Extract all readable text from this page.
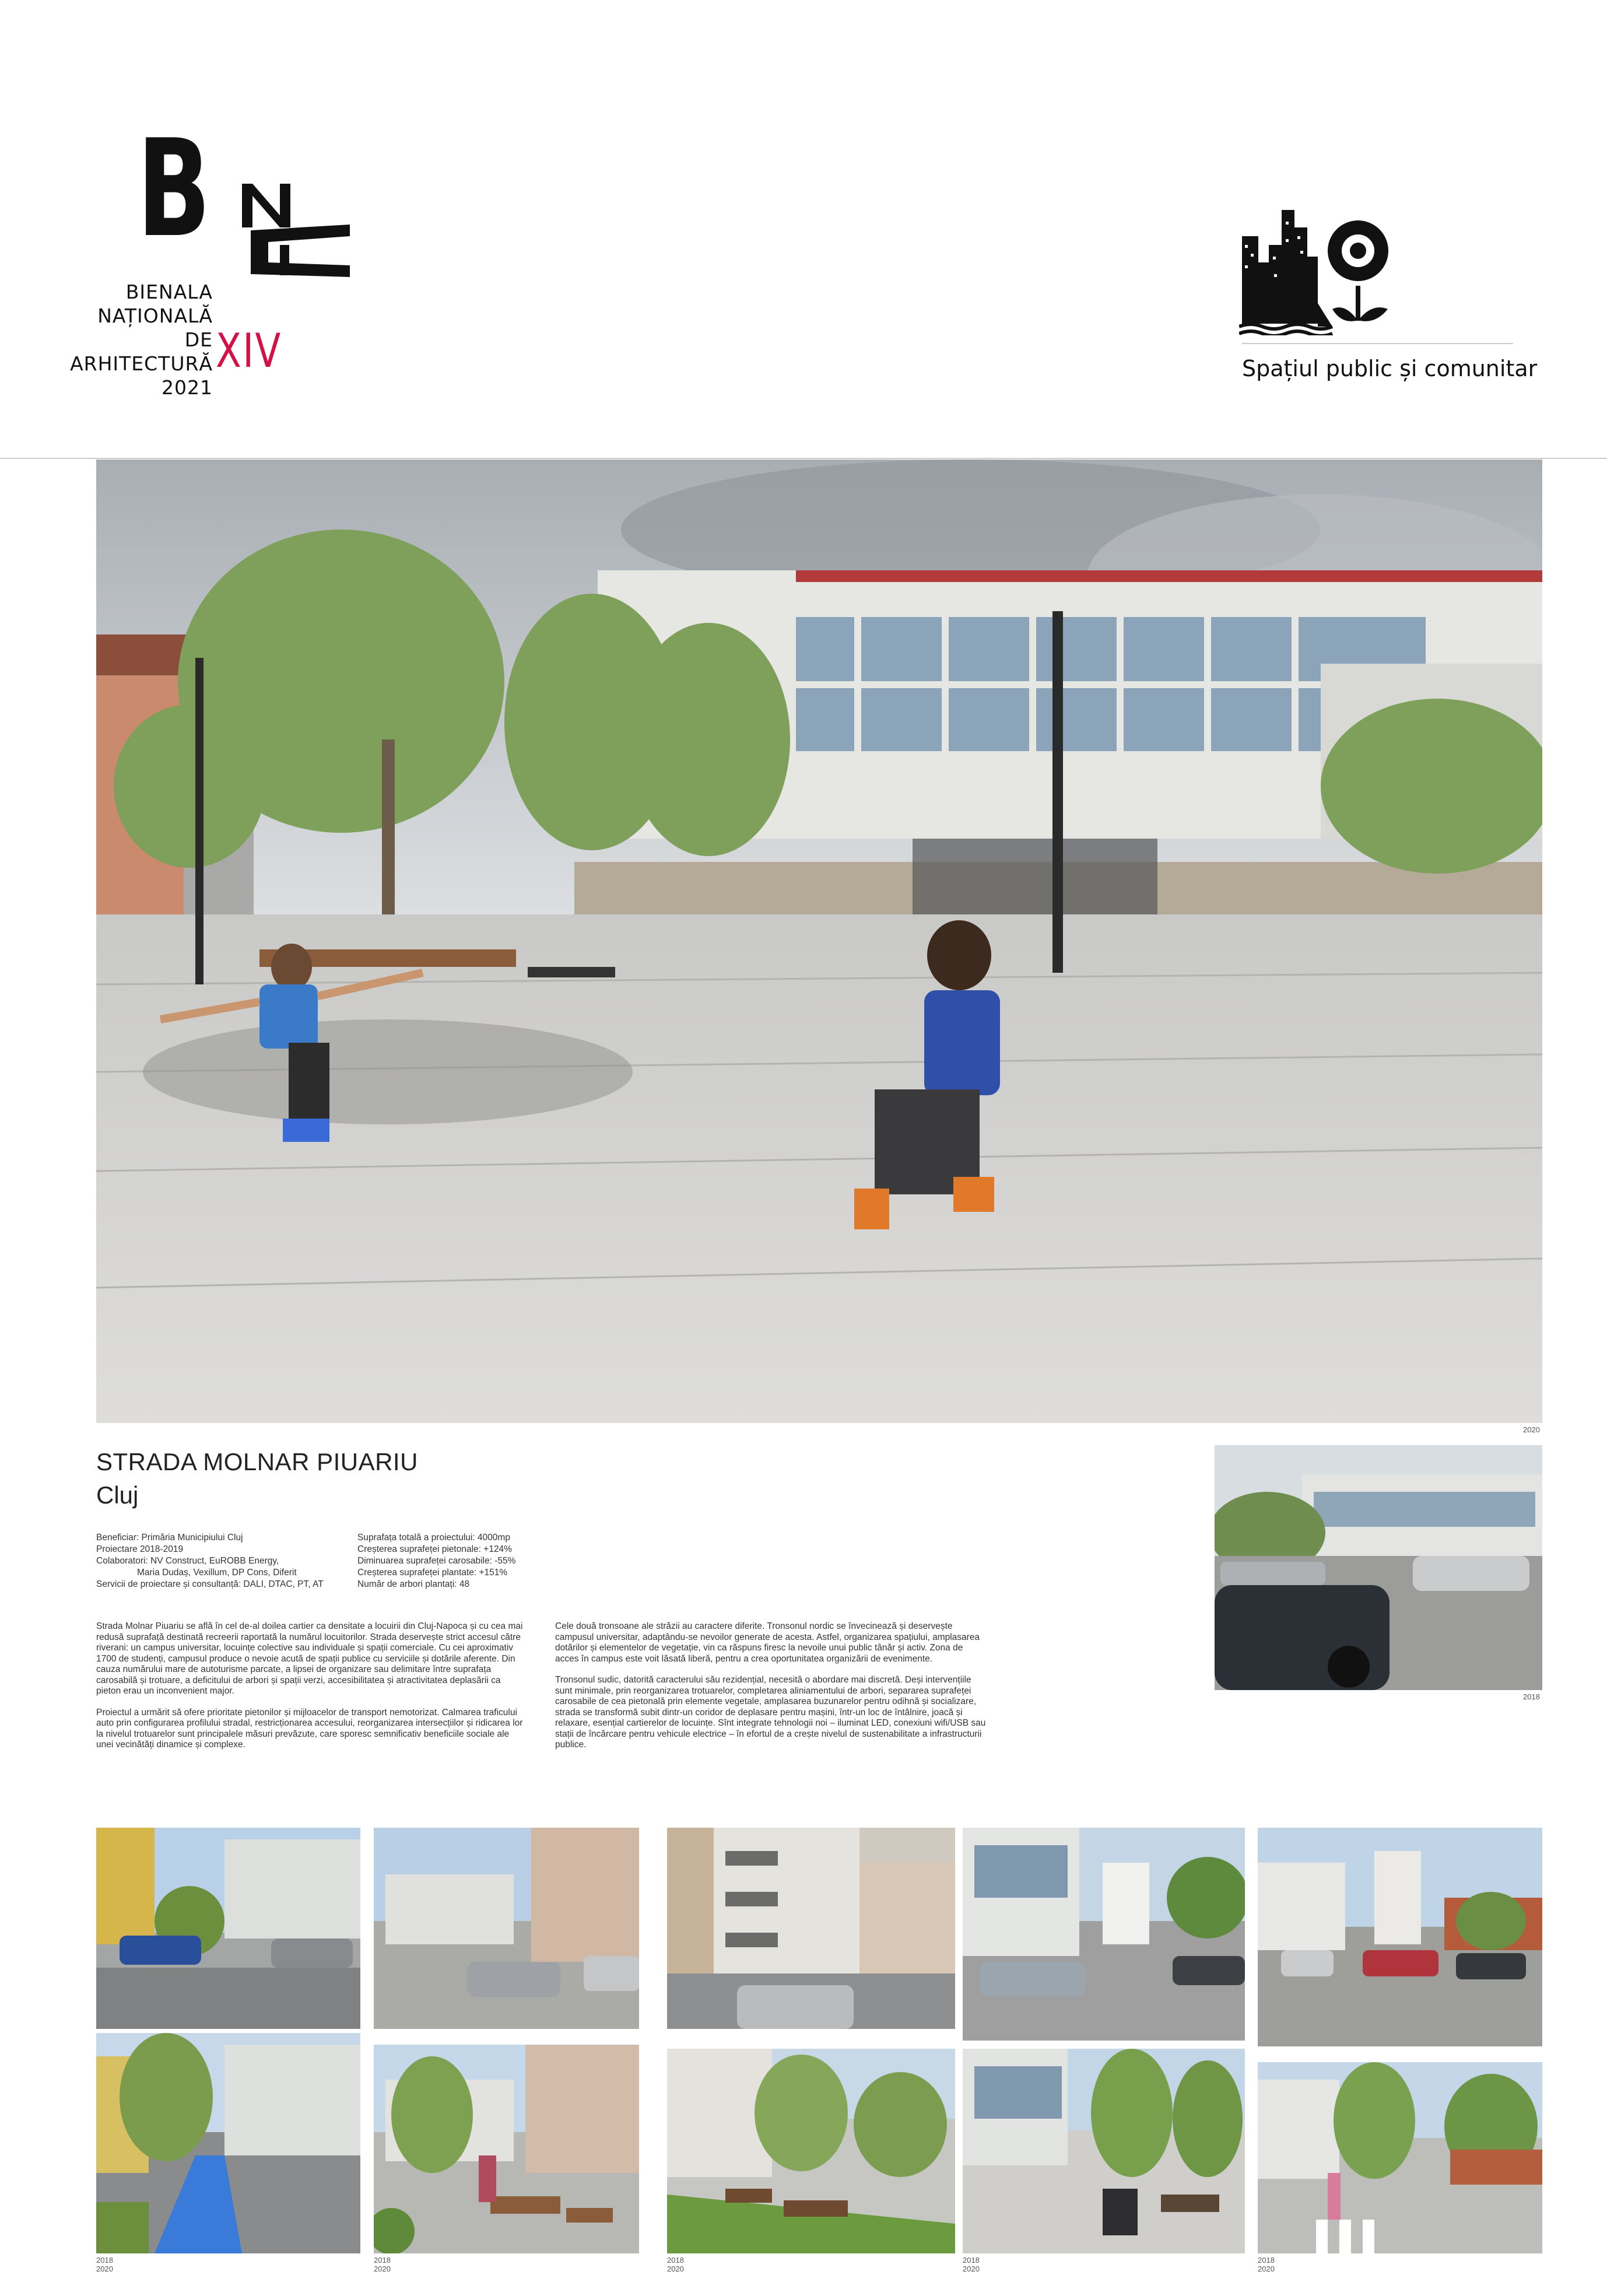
B
BIENALA
NAȚIONALĂ
DE
ARHITECTURĂ
2021
XIV	Spațiul public și comunitar
2020
2018
STRADA MOLNAR PIUARIU
Cluj
Beneficiar: Primăria Municipiului Cluj
Proiectare 2018-2019
Colaboratori: NV Construct, EuROBB Energy,
Maria Dudaș, Vexillum, DP Cons, Diferit
Servicii de proiectare și consultanță: DALI, DTAC, PT, AT
Suprafața totală a proiectului: 4000mp
Creșterea suprafeței pietonale: +124%
Diminuarea suprafeței carosabile: -55%
Creșterea suprafeței plantate: +151%
Număr de arbori plantați: 48

Strada Molnar Piuariu se află în cel de-al doilea cartier ca densitate a locuirii din Cluj-Napoca și cu cea mai redusă suprafață destinată recreerii raportată la numărul locuitorilor. Strada deservește strict accesul către riverani: un campus universitar, locuințe colective sau individuale și spații comerciale. Cu cei aproximativ 1700 de studenți, campusul produce o nevoie acută de spații publice cu serviciile și dotările aferente. Din cauza numărului mare de autoturisme parcate, a lipsei de organizare sau delimitare între suprafața carosabilă și trotuare, a deficitului de arbori și spații verzi, accesibilitatea și atractivitatea deplasării ca pieton erau un inconvenient major.

Proiectul a urmărit să ofere prioritate pietonilor și mijloacelor de transport nemotorizat. Calmarea traficului auto prin configurarea profilului stradal, restricționarea accesului, reorganizarea intersecțiilor și ridicarea lor la nivelul trotuarelor sunt principalele măsuri prevăzute, care sporesc semnificativ beneficiile sociale ale unei vecinătăți dinamice și complexe.

Cele două tronsoane ale străzii au caractere diferite. Tronsonul nordic se învecinează și deservește campusul universitar, adaptându-se nevoilor generate de acesta. Astfel, organizarea spațiului, amplasarea dotărilor și elementelor de vegetație, vin ca răspuns firesc la nevoile unui public tânăr și activ. Zona de acces în campus este voit lăsată liberă, pentru a crea oportunitatea organizării de evenimente.

Tronsonul sudic, datorită caracterului său rezidențial, necesită o abordare mai discretă. Deși intervențiile sunt minimale, prin reorganizarea trotuarelor, completarea aliniamentului de arbori, separarea suprafeței carosabile de cea pietonală prin elemente vegetale, amplasarea buzunarelor pentru odihnă și socializare, strada se transformă subit dintr-un coridor de deplasare pentru mașini, într-un loc de întâlnire, joacă și relaxare, esențial cartierelor de locuințe. Sînt integrate tehnologii noi – iluminat LED, conexiuni wifi/USB sau stații de încărcare pentru vehicule electrice – în efortul de a crește nivelul de sustenabilitate a infrastructurii publice.

2018
2020
2018
2020
2018
2020
2018
2020
2018
2020
